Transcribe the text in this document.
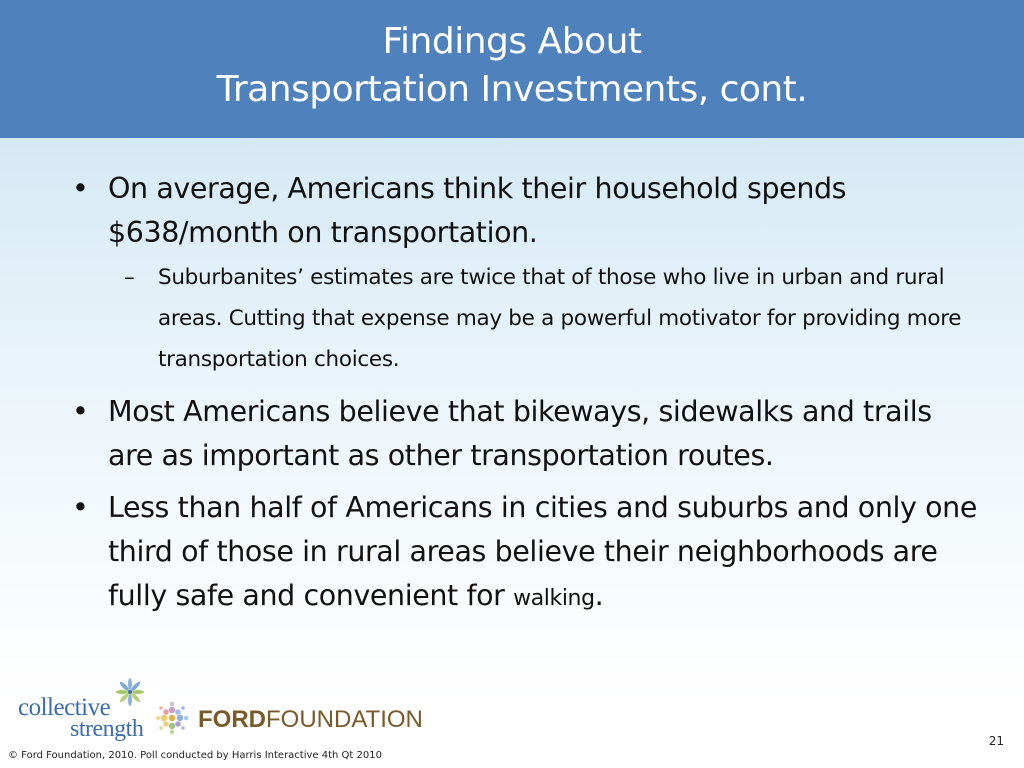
Findings About
Transportation Investments, cont.
• On average, Americans think their household spends $638/month on transportation.
– Suburbanites’ estimates are twice that of those who live in urban and rural areas. Cutting that expense may be a powerful motivator for providing more transportation choices.
• Most Americans believe that bikeways, sidewalks and trails are as important as other transportation routes.
• Less than half of Americans in cities and suburbs and only one third of those in rural areas believe their neighborhoods are fully safe and convenient for walking.
collective
strength FORDFOUNDATION
21
© Ford Foundation, 2010. Poll conducted by Harris Interactive 4th Qt 2010
